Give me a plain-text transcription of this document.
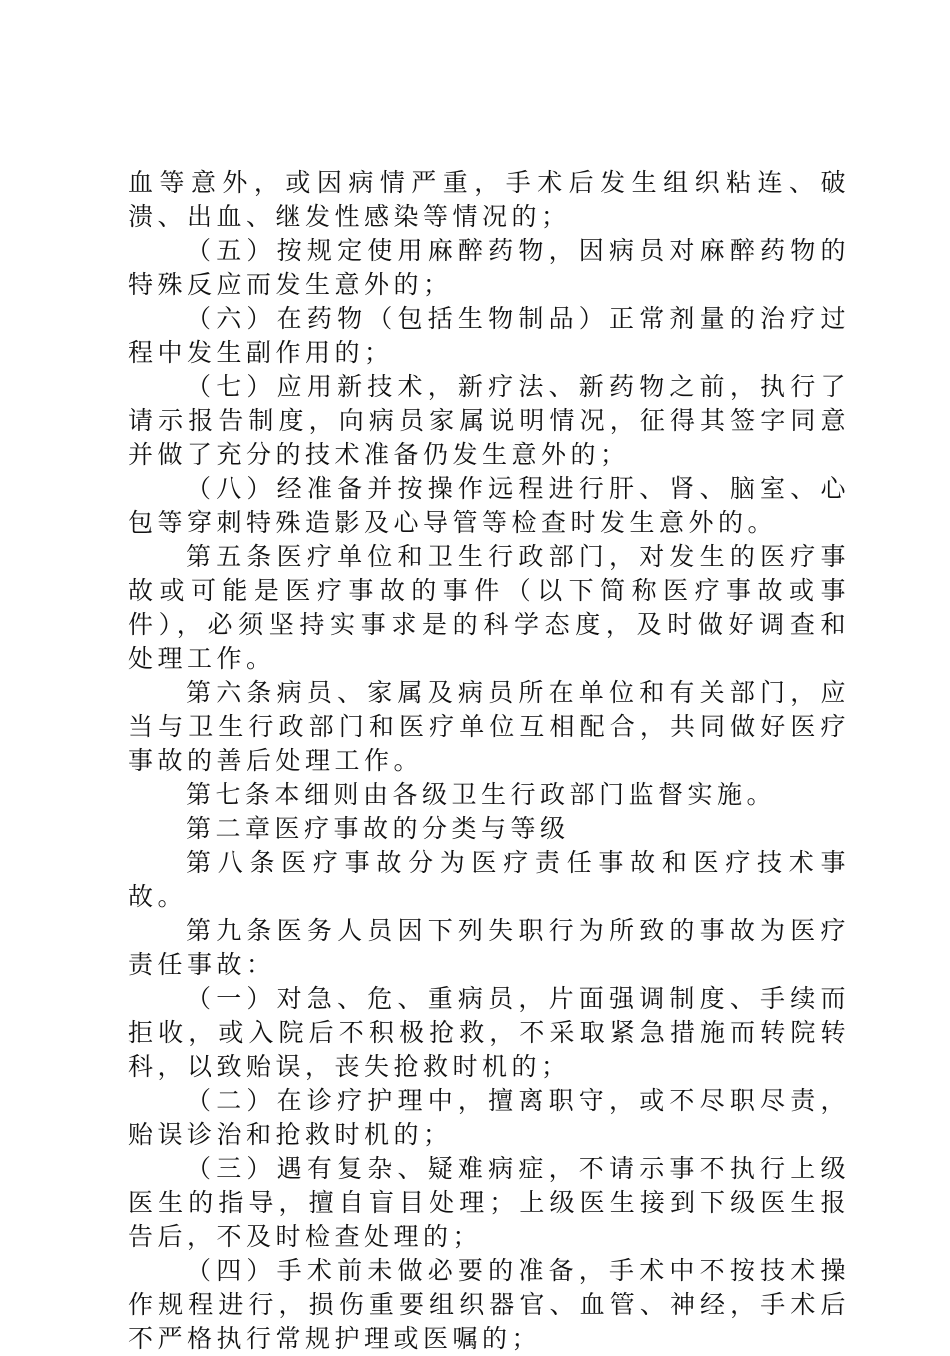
血等意外，或因病情严重，手术后发生组织粘连、破溃、出血、继发性感染等情况的；

（五）按规定使用麻醉药物，因病员对麻醉药物的特殊反应而发生意外的；

（六）在药物（包括生物制品）正常剂量的治疗过程中发生副作用的；

（七）应用新技术，新疗法、新药物之前，执行了请示报告制度，向病员家属说明情况，征得其签字同意并做了充分的技术准备仍发生意外的；

（八）经准备并按操作远程进行肝、肾、脑室、心包等穿刺特殊造影及心导管等检查时发生意外的。

第五条医疗单位和卫生行政部门，对发生的医疗事故或可能是医疗事故的事件（以下简称医疗事故或事件），必须坚持实事求是的科学态度，及时做好调查和处理工作。

第六条病员、家属及病员所在单位和有关部门，应当与卫生行政部门和医疗单位互相配合，共同做好医疗事故的善后处理工作。

第七条本细则由各级卫生行政部门监督实施。

第二章医疗事故的分类与等级

第八条医疗事故分为医疗责任事故和医疗技术事故。

第九条医务人员因下列失职行为所致的事故为医疗责任事故：

（一）对急、危、重病员，片面强调制度、手续而拒收，或入院后不积极抢救，不采取紧急措施而转院转科，以致贻误，丧失抢救时机的；

（二）在诊疗护理中，擅离职守，或不尽职尽责，贻误诊治和抢救时机的；

（三）遇有复杂、疑难病症，不请示事不执行上级医生的指导，擅自盲目处理；上级医生接到下级医生报告后，不及时检查处理的；

（四）手术前未做必要的准备，手术中不按技术操作规程进行，损伤重要组织器官、血管、神经，手术后不严格执行常规护理或医嘱的；
